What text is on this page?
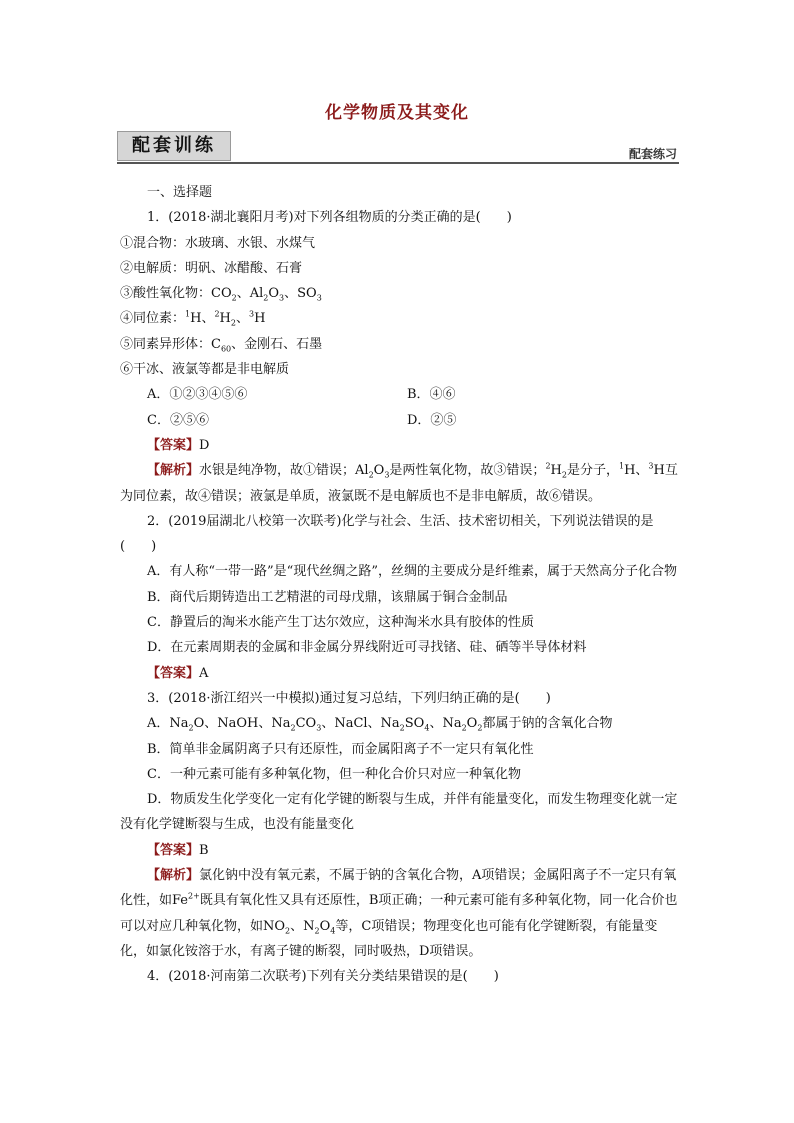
化学物质及其变化
配套训练	配套练习

一、选择题

1．(2018·湖北襄阳月考)对下列各组物质的分类正确的是(　　)

①混合物：水玻璃、水银、水煤气

②电解质：明矾、冰醋酸、石膏

③酸性氧化物：$CO_2$、$Al_2O_3$、$SO_3$

④同位素：$^1$H、$^2H_2$、$^3$H

⑤同素异形体：$C_{60}$、金刚石、石墨

⑥干冰、液氯等都是非电解质

A．①②③④⑤⑥	B．④⑥
C．②⑤⑥	D．②⑤

【答案】D

【解析】水银是纯净物，故①错误；$Al_2O_3$是两性氧化物，故③错误；$^2H_2$是分子，$^1$H、$^3$H互为同位素，故④错误；液氯是单质，液氯既不是电解质也不是非电解质，故⑥错误。

2．(2019届湖北八校第一次联考)化学与社会、生活、技术密切相关，下列说法错误的是(　　)

A．有人称“一带一路”是“现代丝绸之路”，丝绸的主要成分是纤维素，属于天然高分子化合物

B．商代后期铸造出工艺精湛的司母戊鼎，该鼎属于铜合金制品

C．静置后的淘米水能产生丁达尔效应，这种淘米水具有胶体的性质

D．在元素周期表的金属和非金属分界线附近可寻找锗、硅、硒等半导体材料

【答案】A

3．(2018·浙江绍兴一中模拟)通过复习总结，下列归纳正确的是(　　)

A．$Na_2O$、NaOH、$Na_2CO_3$、NaCl、$Na_2SO_4$、$Na_2O_2$都属于钠的含氧化合物

B．简单非金属阴离子只有还原性，而金属阳离子不一定只有氧化性

C．一种元素可能有多种氧化物，但一种化合价只对应一种氧化物

D．物质发生化学变化一定有化学键的断裂与生成，并伴有能量变化，而发生物理变化就一定没有化学键断裂与生成，也没有能量变化

【答案】B

【解析】氯化钠中没有氧元素，不属于钠的含氧化合物，A项错误；金属阳离子不一定只有氧化性，如$Fe^{2+}$既具有氧化性又具有还原性，B项正确；一种元素可能有多种氧化物，同一化合价也可以对应几种氧化物，如$NO_2$、$N_2O_4$等，C项错误；物理变化也可能有化学键断裂，有能量变化，如氯化铵溶于水，有离子键的断裂，同时吸热，D项错误。

4．(2018·河南第二次联考)下列有关分类结果错误的是(　　)
